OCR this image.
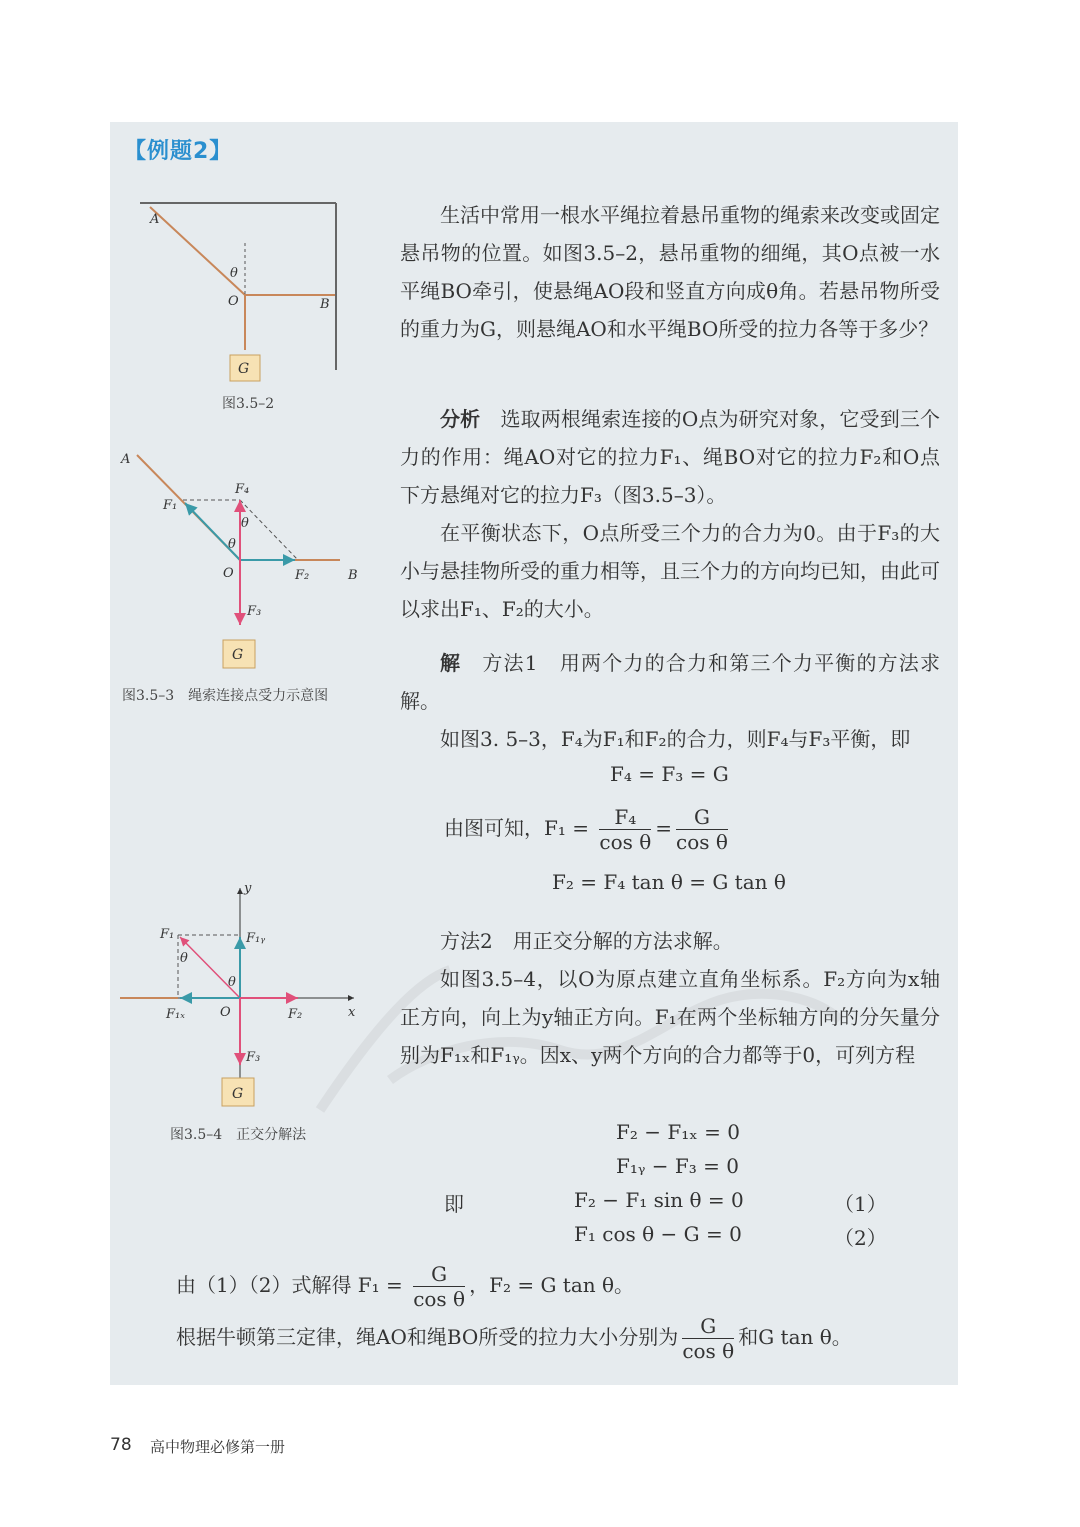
【例题2】
A
θ
O	B
G
图3.5–2
A
F₁
F₄
θ
θ
O	F₂	B
F₃
G
图3.5–3　绳索连接点受力示意图
y
F₁	F₁ᵧ
θ
θ
F₁ₓ	O	F₂	x
F₃
G
图3.5–4　正交分解法
生活中常用一根水平绳拉着悬吊重物的绳索来改变或固定悬吊物的位置。如图3.5–2，悬吊重物的细绳，其O点被一水平绳BO牵引，使悬绳AO段和竖直方向成θ角。若悬吊物所受的重力为G，则悬绳AO和水平绳BO所受的拉力各等于多少？
分析　 选取两根绳索连接的O点为研究对象，它受到三个力的作用：绳AO对它的拉力F₁、绳BO对它的拉力F₂和O点下方悬绳对它的拉力F₃（图3.5–3）。
在平衡状态下，O点所受三个力的合力为0。由于F₃的大小与悬挂物所受的重力相等，且三个力的方向均已知，由此可以求出F₁、F₂的大小。
解　 方法1　用两个力的合力和第三个力平衡的方法求解。
如图3. 5–3，F₄为F₁和F₂的合力，则F₄与F₃平衡，即
F₄ = F₃ = G
由图可知，$F_1 = \frac{\text{F₄}}{\text{cos θ}} = \frac{G}{\text{cos θ}}$
F₂ = F₄ tan θ = G tan θ
方法2　用正交分解的方法求解。
如图3.5–4，以O为原点建立直角坐标系。F₂方向为x轴正方向，向上为y轴正方向。F₁在两个坐标轴方向的分矢量分别为F₁ₓ和F₁ᵧ。因x、y两个方向的合力都等于0，可列方程
F₂ − F₁ₓ = 0
F₁ᵧ − F₃ = 0
即	F₂ − F₁ sin θ = 0	（1）
F₁ cos θ − G = 0	（2）
由（1）（2）式解得 $F_1 = \frac{G}{\text{cos θ}}$ ，F₂ = G tan θ。
根据牛顿第三定律，绳AO和绳BO所受的拉力大小分别为 $\frac{G}{\text{cos θ}}$ 和G tan θ。
78 高中物理必修第一册
